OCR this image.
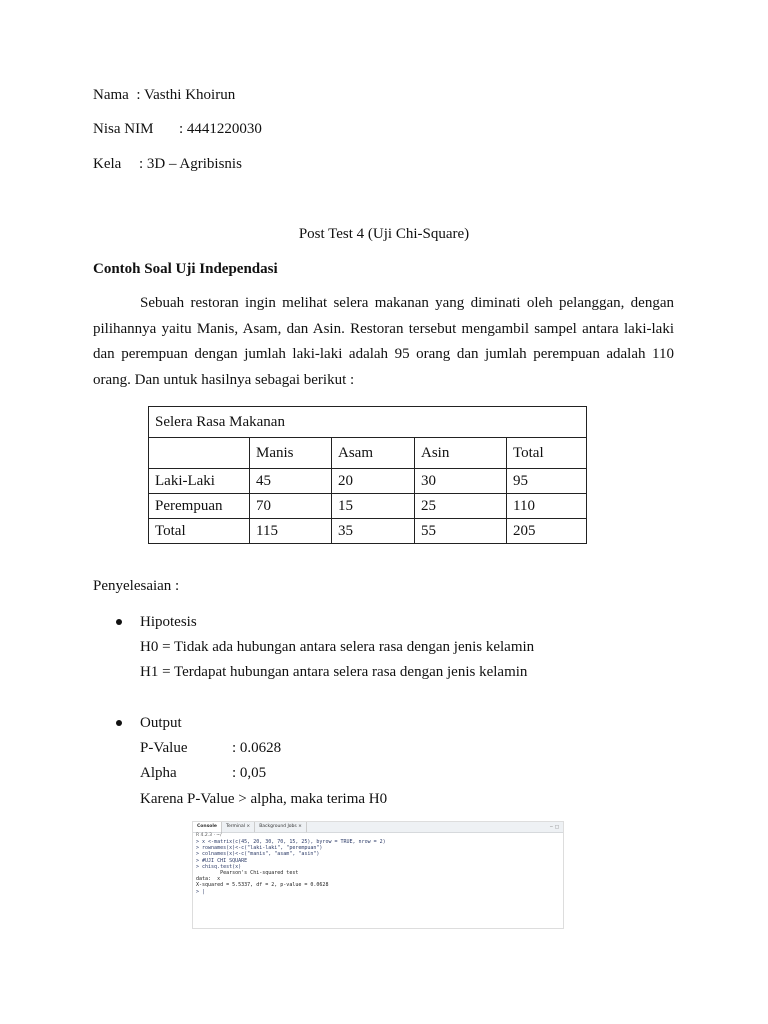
Nama : Vasthi Khoirun
Nisa NIM : 4441220030
Kela : 3D – Agribisnis
Post Test 4 (Uji Chi-Square)
Contoh Soal Uji Independasi
Sebuah restoran ingin melihat selera makanan yang diminati oleh pelanggan, dengan pilihannya yaitu Manis, Asam, dan Asin. Restoran tersebut mengambil sampel antara laki-laki dan perempuan dengan jumlah laki-laki adalah 95 orang dan jumlah perempuan adalah 110 orang. Dan untuk hasilnya sebagai berikut :
Selera Rasa Makanan				
	Manis	Asam	Asin	Total
Laki-Laki	45	20	30	95
Perempuan	70	15	25	110
Total	115	35	55	205
Penyelesaian :
Hipotesis
H0 = Tidak ada hubungan antara selera rasa dengan jenis kelamin
H1 = Terdapat hubungan antara selera rasa dengan jenis kelamin
Output
P-Value	: 0.0628
Alpha	: 0,05
Karena P-Value > alpha, maka terima H0
Console	Terminal ×	Background Jobs ×	− □
R 4.2.3 · ~/
> x <-matrix(c(45, 20, 30, 70, 15, 25), byrow = TRUE, nrow = 2)
> rownames(x)<-c("laki-laki", "perempuan")
> colnames(x)<-c("manis", "asam", "asin")
> #UJI CHI SQUARE
> chisq.test(x)
Pearson's Chi-squared test
data:  x
X-squared = 5.5337, df = 2, p-value = 0.0628
> |
